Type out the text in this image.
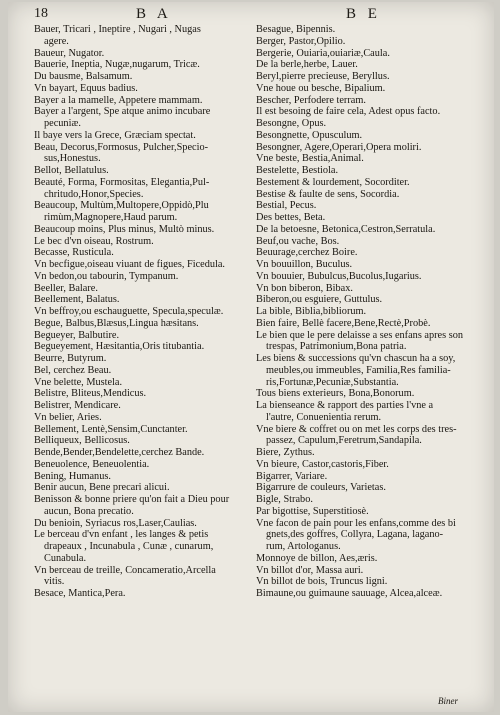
18	B A	B E
Bauer, Tricari , Ineptire , Nugari , Nugas
agere.
Baueur, Nugator.
Bauerie, Ineptia, Nugæ,nugarum, Tricæ.
Du bausme, Balsamum.
Vn bayart, Equus badius.
Bayer a la mamelle, Appetere mammam.
Bayer a l'argent, Spe atque animo incubare
pecuniæ.
Il baye vers la Grece, Græciam spectat.
Beau, Decorus,Formosus, Pulcher,Specio-
sus,Honestus.
Bellot, Bellatulus.
Beauté, Forma, Formositas, Elegantia,Pul-
chritudo,Honor,Species.
Beaucoup, Multùm,Multopere,Oppidò,Plu
rimùm,Magnopere,Haud parum.
Beaucoup moins, Plus minus, Multò minus.
Le bec d'vn oiseau, Rostrum.
Becasse, Rusticula.
Vn becfigue,oiseau viuant de figues, Ficedula.
Vn bedon,ou tabourin, Tympanum.
Beeller, Balare.
Beellement, Balatus.
Vn beffroy,ou eschauguette, Specula,speculæ.
Begue, Balbus,Blæsus,Lingua hæsitans.
Begueyer, Balbutire.
Begueyement, Hæsitantia,Oris titubantia.
Beurre, Butyrum.
Bel, cerchez Beau.
Vne belette, Mustela.
Belistre, Bliteus,Mendicus.
Belistrer, Mendicare.
Vn belier, Aries.
Bellement, Lentè,Sensim,Cunctanter.
Belliqueux, Bellicosus.
Bende,Bender,Bendelette,cerchez Bande.
Beneuolence, Beneuolentia.
Bening, Humanus.
Benir aucun, Bene precari alicui.
Benisson & bonne priere qu'on fait a Dieu pour
aucun, Bona precatio.
Du benioin, Syriacus ros,Laser,Caulias.
Le berceau d'vn enfant , les langes & petis
drapeaux , Incunabula , Cunæ , cunarum,
Cunabula.
Vn berceau de treille, Concameratio,Arcella
vitis.
Besace, Mantica,Pera.
Besague, Bipennis.
Berger, Pastor,Opilio.
Bergerie, Ouiaria,ouiariæ,Caula.
De la berle,herbe, Lauer.
Beryl,pierre precieuse, Beryllus.
Vne houe ou besche, Bipalium.
Bescher, Perfodere terram.
Il est besoing de faire cela, Adest opus facto.
Besongne, Opus.
Besongnette, Opusculum.
Besongner, Agere,Operari,Opera moliri.
Vne beste, Bestia,Animal.
Bestelette, Bestiola.
Bestement & lourdement, Socorditer.
Bestise & faulte de sens, Socordia.
Bestial, Pecus.
Des bettes, Beta.
De la betoesne, Betonica,Cestron,Serratula.
Beuf,ou vache, Bos.
Beuurage,cerchez Boire.
Vn bouuillon, Buculus.
Vn bouuier, Bubulcus,Bucolus,Iugarius.
Vn bon biberon, Bibax.
Biberon,ou esguiere, Guttulus.
La bible, Biblia,bibliorum.
Bien faire, Bellè facere,Bene,Rectè,Probè.
Le bien que le pere delaisse a ses enfans apres son
trespas, Patrimonium,Bona patria.
Les biens & successions qu'vn chascun ha a soy,
meubles,ou immeubles, Familia,Res familia-
ris,Fortunæ,Pecuniæ,Substantia.
Tous biens exterieurs, Bona,Bonorum.
La bienseance & rapport des parties l'vne a
l'autre, Conuenientia rerum.
Vne biere & coffret ou on met les corps des tres-
passez, Capulum,Feretrum,Sandapila.
Biere, Zythus.
Vn bieure, Castor,castoris,Fiber.
Bigarrer, Variare.
Bigarrure de couleurs, Varietas.
Bigle, Strabo.
Par bigottise, Superstitiosè.
Vne facon de pain pour les enfans,comme des bi
gnets,des goffres, Collyra, Lagana, lagano-
rum, Artologanus.
Monnoye de billon, Aes,æris.
Vn billot d'or, Massa auri.
Vn billot de bois, Truncus ligni.
Bimaune,ou guimaune sauuage, Alcea,alceæ.
Biner
